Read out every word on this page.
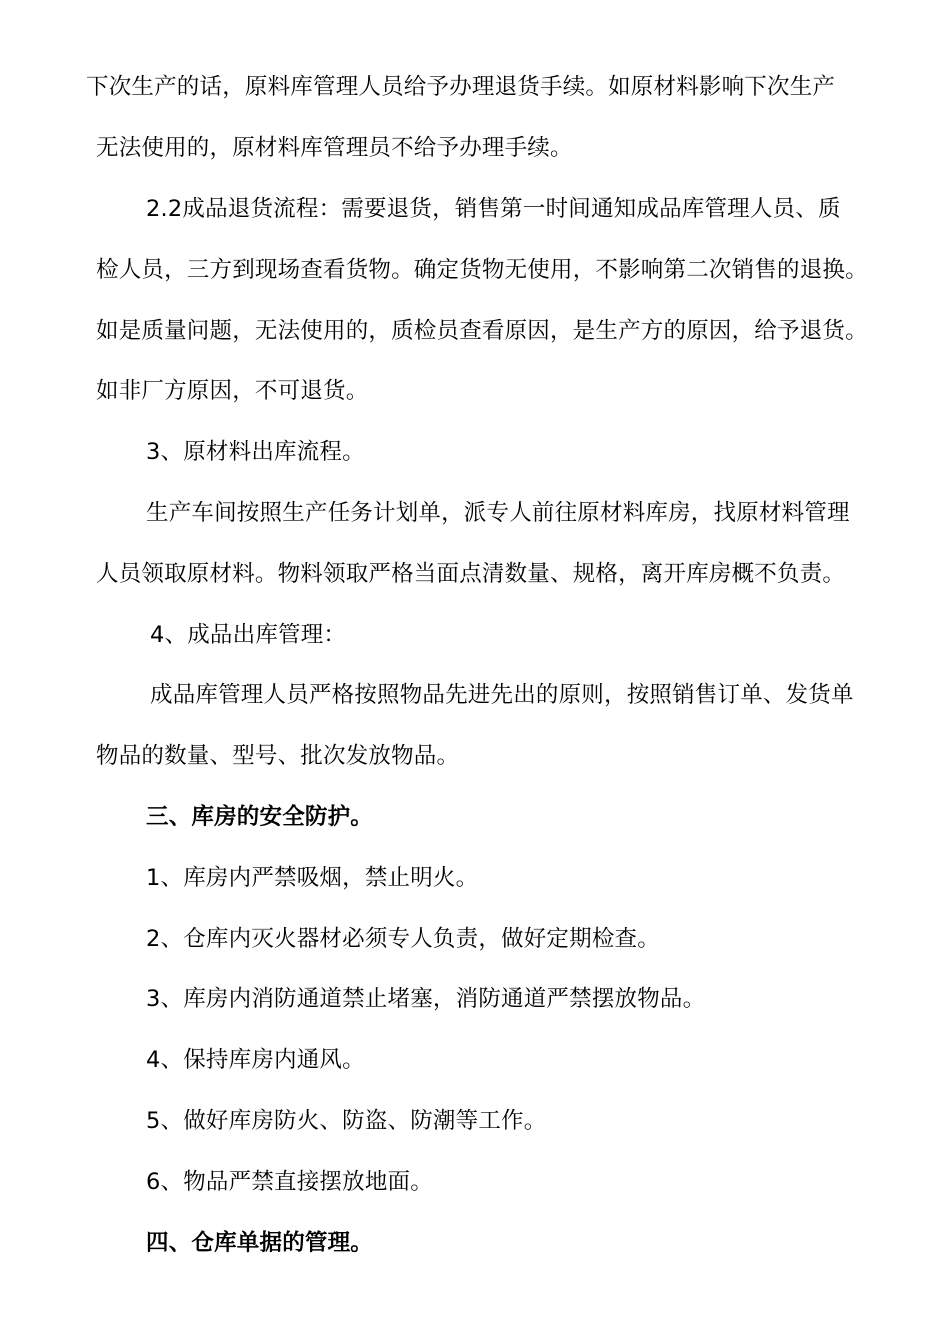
下次生产的话，原料库管理人员给予办理退货手续。如原材料影响下次生产
无法使用的，原材料库管理员不给予办理手续。
2.2成品退货流程：需要退货，销售第一时间通知成品库管理人员、质
检人员，三方到现场查看货物。确定货物无使用，不影响第二次销售的退换。
如是质量问题，无法使用的，质检员查看原因，是生产方的原因，给予退货。
如非厂方原因，不可退货。
3、原材料出库流程。
生产车间按照生产任务计划单，派专人前往原材料库房，找原材料管理
人员领取原材料。物料领取严格当面点清数量、规格，离开库房概不负责。
4、成品出库管理：
成品库管理人员严格按照物品先进先出的原则，按照销售订单、发货单
物品的数量、型号、批次发放物品。
三、库房的安全防护。
1、库房内严禁吸烟，禁止明火。
2、仓库内灭火器材必须专人负责，做好定期检查。
3、库房内消防通道禁止堵塞，消防通道严禁摆放物品。
4、保持库房内通风。
5、做好库房防火、防盗、防潮等工作。
6、物品严禁直接摆放地面。
四、仓库单据的管理。
